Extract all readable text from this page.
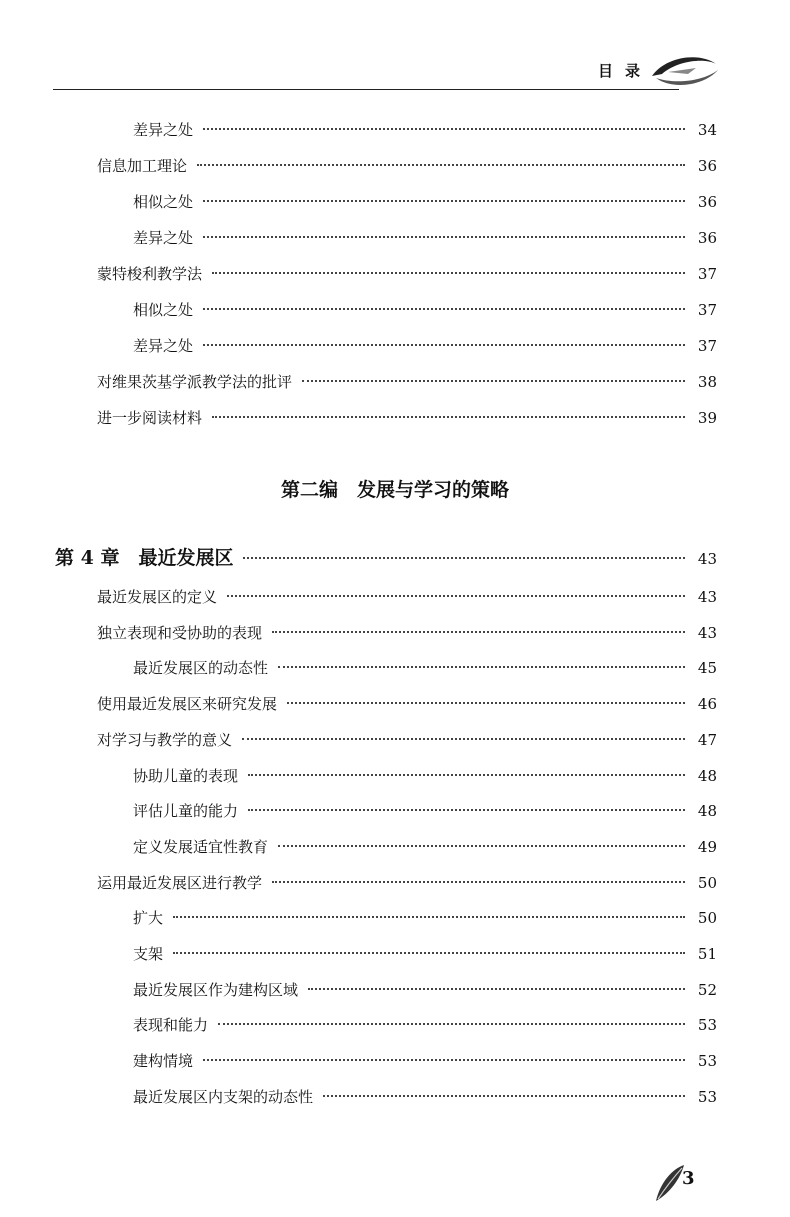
目录
差异之处	34
信息加工理论	36
相似之处	36
差异之处	36
蒙特梭利教学法	37
相似之处	37
差异之处	37
对维果茨基学派教学法的批评	38
进一步阅读材料	39
第二编　发展与学习的策略
第 4 章　最近发展区	43
最近发展区的定义	43
独立表现和受协助的表现	43
最近发展区的动态性	45
使用最近发展区来研究发展	46
对学习与教学的意义	47
协助儿童的表现	48
评估儿童的能力	48
定义发展适宜性教育	49
运用最近发展区进行教学	50
扩大	50
支架	51
最近发展区作为建构区域	52
表现和能力	53
建构情境	53
最近发展区内支架的动态性	53
3
